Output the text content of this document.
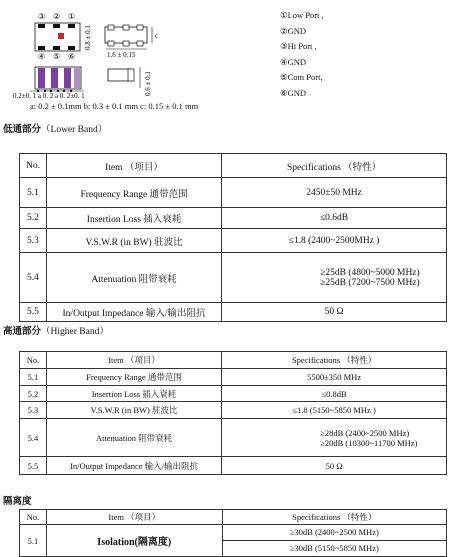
③ ② ①
④ ⑤ ⑥
0.8 ± 0.1	c
1.6 ± 0.15
0.2±0. 1 a 0. 2 a 0. 2±0. 1	0.6 ± 0.1
①Low Port ,
②GND
③Hi Port ,
④GND
⑤Com Port,
⑥GND
a: 0.2 ± 0.1mm b: 0.3 ± 0.1 mm c: 0.15 ± 0.1 mm
低通部分（Lower Band）
No.	Item （项目）	Specifications （特性）
5.1	Frequency Range 通带范围	2450±50 MHz
5.2	Insertion Loss 插入衰耗	≤0.6dB
5.3	V.S.W.R (in BW) 驻波比	≤1.8 (2400~2500MHz )
5.4	Attenuation 阻带衰耗	≥25dB (4800~5000 MHz)
≥25dB (7200~7500 MHz)

5.5	In/Output Impedance 输入/输出阻抗	50 Ω
高通部分（Higher Band）
No.	Item （项目）	Specifications （特性）
5.1	Frequency Range 通带范围	5500±350 MHz
5.2	Insertion Loss 插入衰耗	≤0.8dB
5.3	V.S.W.R (in BW) 驻波比	≤1.8 (5150~5850 MHz )
5.4	Attenuation 阻带衰耗	≥28dB (2400~2500 MHz)
≥20dB (10300~11700 MHz)

5.5	In/Output Impedance 输入/输出阻抗	50 Ω
隔离度
No.	Item （项目）	Specifications （特性）
5.1	Isolation(隔离度)	≥30dB (2400~2500 MHz)
≥30dB (5150~5850 MHz)
